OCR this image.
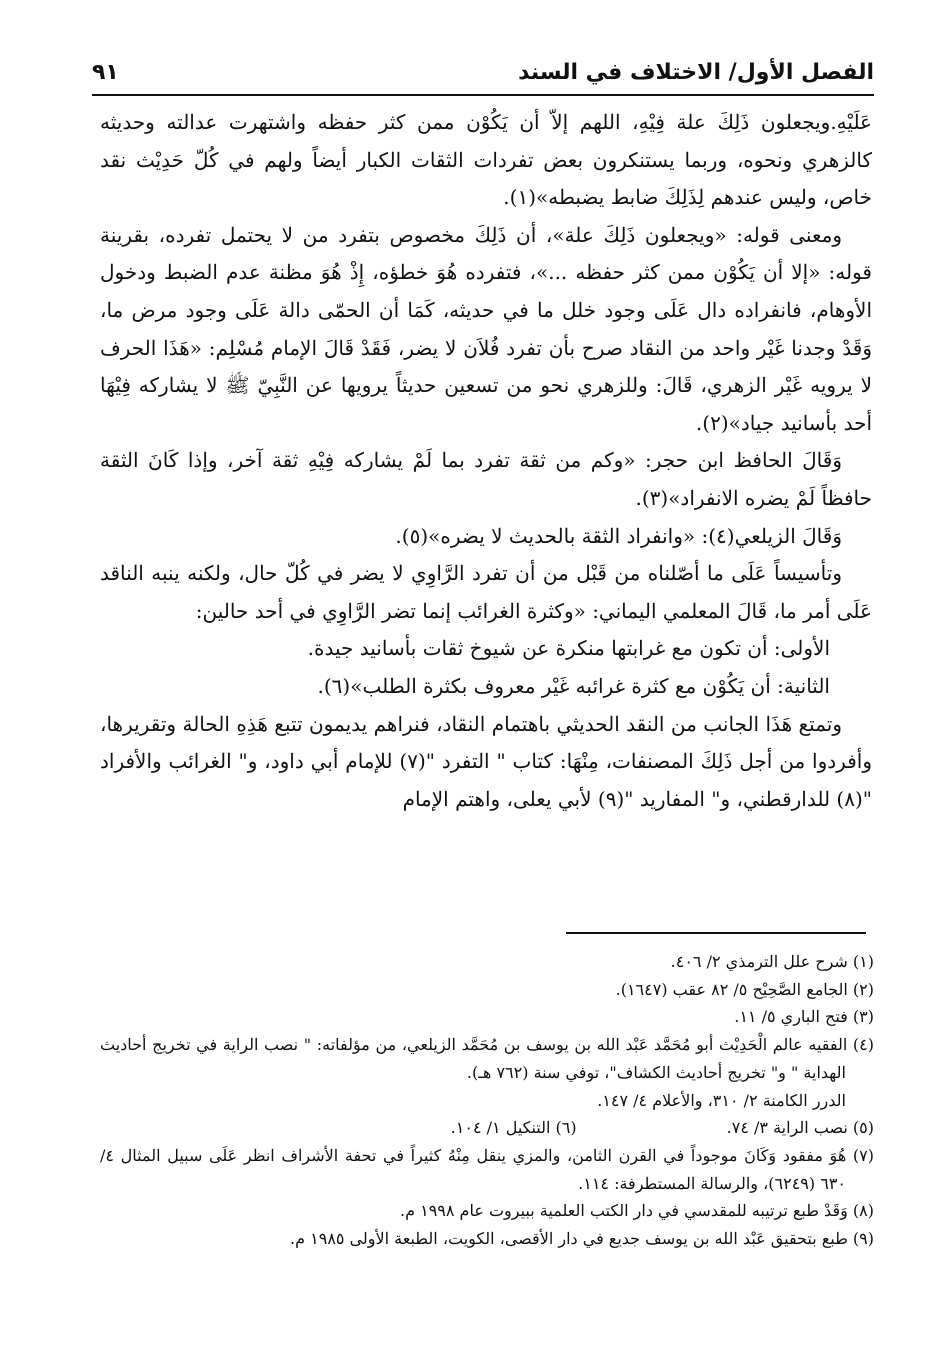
الفصل الأول/ الاختلاف في السند
٩١

عَلَيْهِ.ويجعلون ذَلِكَ علة فِيْهِ، اللهم إلاّ أن يَكُوْن ممن كثر حفظه واشتهرت عدالته وحديثه كالزهري ونحوه، وربما يستنكرون بعض تفردات الثقات الكبار أيضاً ولهم في كُلّ حَدِيْث نقد خاص، وليس عندهم لِذَلِكَ ضابط يضبطه»(١).

ومعنى قوله: «ويجعلون ذَلِكَ علة»، أن ذَلِكَ مخصوص بتفرد من لا يحتمل تفرده، بقرينة قوله: «إلا أن يَكُوْن ممن كثر حفظه ...»، فتفرده هُوَ خطؤه، إِذْ هُوَ مظنة عدم الضبط ودخول الأوهام، فانفراده دال عَلَى وجود خلل ما في حديثه، كَمَا أن الحمّى دالة عَلَى وجود مرض ما، وَقَدْ وجدنا غَيْر واحد من النقاد صرح بأن تفرد فُلاَن لا يضر، فَقَدْ قَالَ الإمام مُسْلِم: «هَذَا الحرف لا يرويه غَيْر الزهري، قَالَ: وللزهري نحو من تسعين حديثاً يرويها عن النَّبِيّ ﷺ لا يشاركه فِيْهَا أحد بأسانيد جياد»(٢).

وَقَالَ الحافظ ابن حجر: «وكم من ثقة تفرد بما لَمْ يشاركه فِيْهِ ثقة آخر، وإذا كَانَ الثقة حافظاً لَمْ يضره الانفراد»(٣).

وَقَالَ الزيلعي(٤): «وانفراد الثقة بالحديث لا يضره»(٥).

وتأسيساً عَلَى ما أصّلناه من قَبْل من أن تفرد الرَّاوِي لا يضر في كُلّ حال، ولكنه ينبه الناقد عَلَى أمر ما، قَالَ المعلمي اليماني: «وكثرة الغرائب إنما تضر الرَّاوِي في أحد حالين:

الأولى: أن تكون مع غرابتها منكرة عن شيوخ ثقات بأسانيد جيدة.

الثانية: أن يَكُوْن مع كثرة غرائبه غَيْر معروف بكثرة الطلب»(٦).

وتمتع هَذَا الجانب من النقد الحديثي باهتمام النقاد، فنراهم يديمون تتبع هَذِهِ الحالة وتقريرها، وأفردوا من أجل ذَلِكَ المصنفات، مِنْهَا: كتاب " التفرد "(٧) للإمام أبي داود، و" الغرائب والأفراد "(٨) للدارقطني، و" المفاريد "(٩) لأبي يعلى، واهتم الإمام

(١) شرح علل الترمذي ٢/ ٤٠٦.

(٢) الجامع الصَّحِيْح ٥/ ٨٢ عقب (١٦٤٧).

(٣) فتح الباري ٥/ ١١.

(٤) الفقيه عالم الْحَدِيْث أبو مُحَمَّد عَبْد الله بن يوسف بن مُحَمَّد الزيلعي، من مؤلفاته: " نصب الراية في تخريج أحاديث الهداية " و" تخريج أحاديث الكشاف"، توفي سنة (٧٦٢ هـ).

الدرر الكامنة ٢/ ٣١٠، والأعلام ٤/ ١٤٧.

(٥) نصب الراية ٣/ ٧٤.
(٦) التنكيل ١/ ١٠٤.

(٧) هُوَ مفقود وَكَانَ موجوداً في القرن الثامن، والمزي ينقل مِنْهُ كثيراً في تحفة الأشراف انظر عَلَى سبيل المثال ٤/ ٦٣٠ (٦٢٤٩)، والرسالة المستطرفة: ١١٤.

(٨) وَقَدْ طبع ترتيبه للمقدسي في دار الكتب العلمية ببيروت عام ١٩٩٨ م.

(٩) طبع بتحقيق عَبْد الله بن يوسف جديع في دار الأقصى، الكويت، الطبعة الأولى ١٩٨٥ م.
